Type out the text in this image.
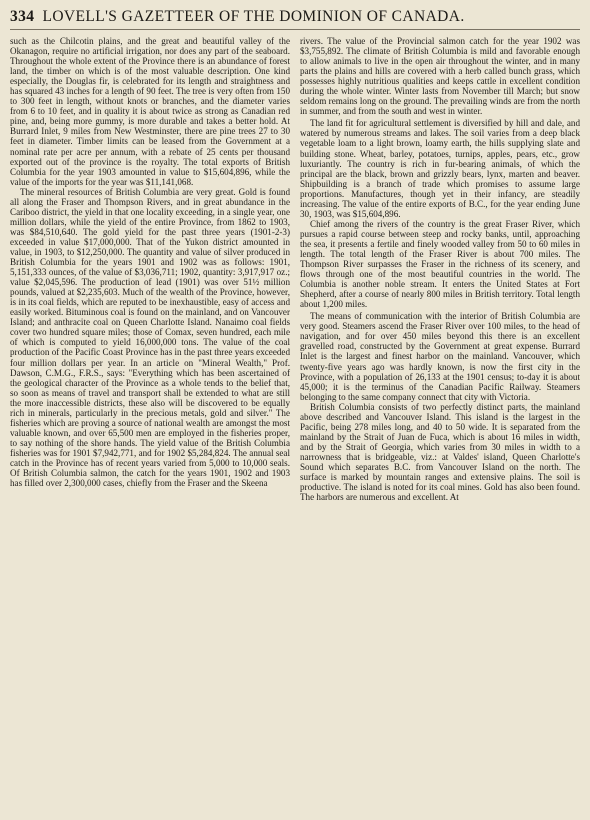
334 LOVELL'S GAZETTEER OF THE DOMINION OF CANADA.

such as the Chilcotin plains, and the great and beautiful valley of the Okanagon, require no artificial irrigation, nor does any part of the seaboard. Throughout the whole extent of the Province there is an abundance of forest land, the timber on which is of the most valuable description. One kind especially, the Douglas fir, is celebrated for its length and straightness and has squared 43 inches for a length of 90 feet. The tree is very often from 150 to 300 feet in length, without knots or branches, and the diameter varies from 6 to 10 feet, and in quality it is about twice as strong as Canadian red pine, and, being more gummy, is more durable and takes a better hold. At Burrard Inlet, 9 miles from New Westminster, there are pine trees 27 to 30 feet in diameter. Timber limits can be leased from the Government at a nominal rate per acre per annum, with a rebate of 25 cents per thousand exported out of the province is the royalty. The total exports of British Columbia for the year 1903 amounted in value to $15,604,896, while the value of the imports for the year was $11,141,068.

The mineral resources of British Columbia are very great. Gold is found all along the Fraser and Thompson Rivers, and in great abundance in the Cariboo district, the yield in that one locality exceeding, in a single year, one million dollars, while the yield of the entire Province, from 1862 to 1903, was $84,510,640. The gold yield for the past three years (1901-2-3) exceeded in value $17,000,000. That of the Yukon district amounted in value, in 1903, to $12,250,000. The quantity and value of silver produced in British Columbia for the years 1901 and 1902 was as follows: 1901, 5,151,333 ounces, of the value of $3,036,711; 1902, quantity: 3,917,917 oz.; value $2,045,596. The production of lead (1901) was over 51½ million pounds, valued at $2,235,603. Much of the wealth of the Province, however, is in its coal fields, which are reputed to be inexhaustible, easy of access and easily worked. Bituminous coal is found on the mainland, and on Vancouver Island; and anthracite coal on Queen Charlotte Island. Nanaimo coal fields cover two hundred square miles; those of Comax, seven hundred, each mile of which is computed to yield 16,000,000 tons. The value of the coal production of the Pacific Coast Province has in the past three years exceeded four million dollars per year. In an article on "Mineral Wealth," Prof. Dawson, C.M.G., F.R.S., says: "Everything which has been ascertained of the geological character of the Province as a whole tends to the belief that, so soon as means of travel and transport shall be extended to what are still the more inaccessible districts, these also will be discovered to be equally rich in minerals, particularly in the precious metals, gold and silver." The fisheries which are proving a source of national wealth are amongst the most valuable known, and over 65,500 men are employed in the fisheries proper, to say nothing of the shore hands. The yield value of the British Columbia fisheries was for 1901 $7,942,771, and for 1902 $5,284,824. The annual seal catch in the Province has of recent years varied from 5,000 to 10,000 seals. Of British Columbia salmon, the catch for the years 1901, 1902 and 1903 has filled over 2,300,000 cases, chiefly from the Fraser and the Skeena

rivers. The value of the Provincial salmon catch for the year 1902 was $3,755,892. The climate of British Columbia is mild and favorable enough to allow animals to live in the open air throughout the winter, and in many parts the plains and hills are covered with a herb called bunch grass, which possesses highly nutritious qualities and keeps cattle in excellent condition during the whole winter. Winter lasts from November till March; but snow seldom remains long on the ground. The prevailing winds are from the north in summer, and from the south and west in winter.

The land fit for agricultural settlement is diversified by hill and dale, and watered by numerous streams and lakes. The soil varies from a deep black vegetable loam to a light brown, loamy earth, the hills supplying slate and building stone. Wheat, barley, potatoes, turnips, apples, pears, etc., grow luxuriantly. The country is rich in fur-bearing animals, of which the principal are the black, brown and grizzly bears, lynx, marten and beaver. Shipbuilding is a branch of trade which promises to assume large proportions. Manufactures, though yet in their infancy, are steadily increasing. The value of the entire exports of B.C., for the year ending June 30, 1903, was $15,604,896.

Chief among the rivers of the country is the great Fraser River, which pursues a rapid course between steep and rocky banks, until, approaching the sea, it presents a fertile and finely wooded valley from 50 to 60 miles in length. The total length of the Fraser River is about 700 miles. The Thompson River surpasses the Fraser in the richness of its scenery, and flows through one of the most beautiful countries in the world. The Columbia is another noble stream. It enters the United States at Fort Shepherd, after a course of nearly 800 miles in British territory. Total length about 1,200 miles.

The means of communication with the interior of British Columbia are very good. Steamers ascend the Fraser River over 100 miles, to the head of navigation, and for over 450 miles beyond this there is an excellent gravelled road, constructed by the Government at great expense. Burrard Inlet is the largest and finest harbor on the mainland. Vancouver, which twenty-five years ago was hardly known, is now the first city in the Province, with a population of 26,133 at the 1901 census; to-day it is about 45,000; it is the terminus of the Canadian Pacific Railway. Steamers belonging to the same company connect that city with Victoria.

British Columbia consists of two perfectly distinct parts, the mainland above described and Vancouver Island. This island is the largest in the Pacific, being 278 miles long, and 40 to 50 wide. It is separated from the mainland by the Strait of Juan de Fuca, which is about 16 miles in width, and by the Strait of Georgia, which varies from 30 miles in width to a narrowness that is bridgeable, viz.: at Valdes' island, Queen Charlotte's Sound which separates B.C. from Vancouver Island on the north. The surface is marked by mountain ranges and extensive plains. The soil is productive. The island is noted for its coal mines. Gold has also been found. The harbors are numerous and excellent. At
